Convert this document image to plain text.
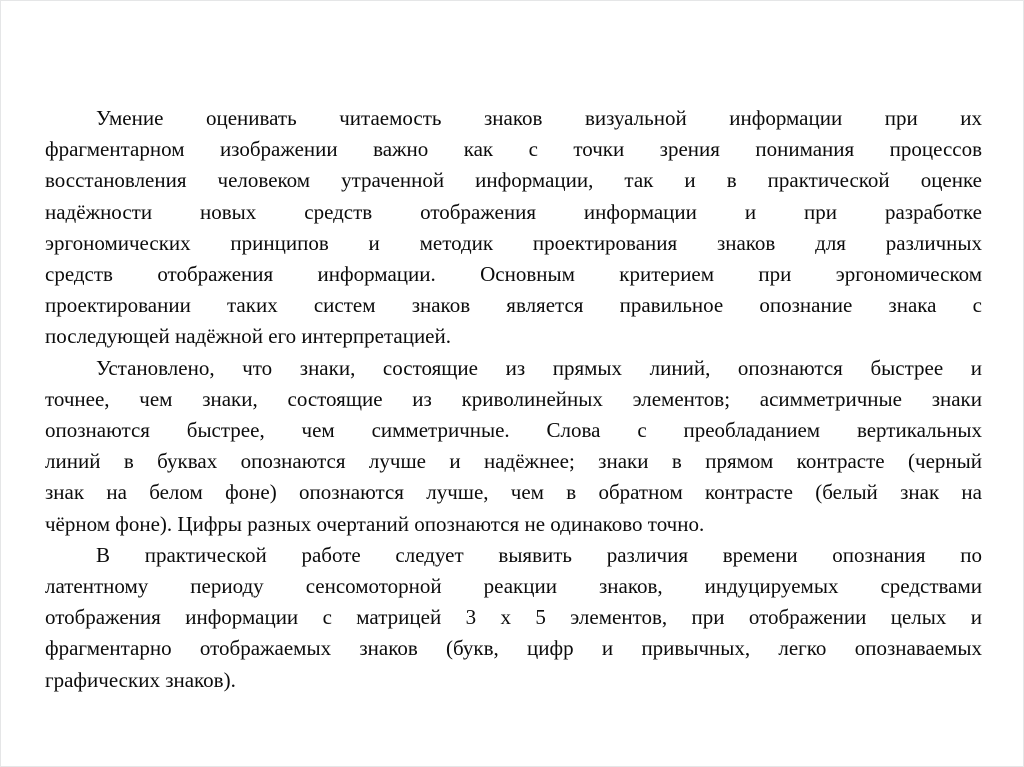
Умение оценивать читаемость знаков визуальной информации при их
фрагментарном изображении важно как с точки зрения понимания процессов
восстановления человеком утраченной информации, так и в практической оценке
надёжности новых средств отображения информации и при разработке
эргономических принципов и методик проектирования знаков для различных
средств отображения информации. Основным критерием при эргономическом
проектировании таких систем знаков является правильное опознание знака с
последующей надёжной его интерпретацией.
Установлено, что знаки, состоящие из прямых линий, опознаются быстрее и
точнее, чем знаки, состоящие из криволинейных элементов; асимметричные знаки
опознаются быстрее, чем симметричные. Слова с преобладанием вертикальных
линий в буквах опознаются лучше и надёжнее; знаки в прямом контрасте (черный
знак на белом фоне) опознаются лучше, чем в обратном контрасте (белый знак на
чёрном фоне). Цифры разных очертаний опознаются не одинаково точно.
В практической работе следует выявить различия времени опознания по
латентному периоду сенсомоторной реакции знаков, индуцируемых средствами
отображения информации с матрицей 3 х 5 элементов, при отображении целых и
фрагментарно отображаемых знаков (букв, цифр и привычных, легко опознаваемых
графических знаков).
